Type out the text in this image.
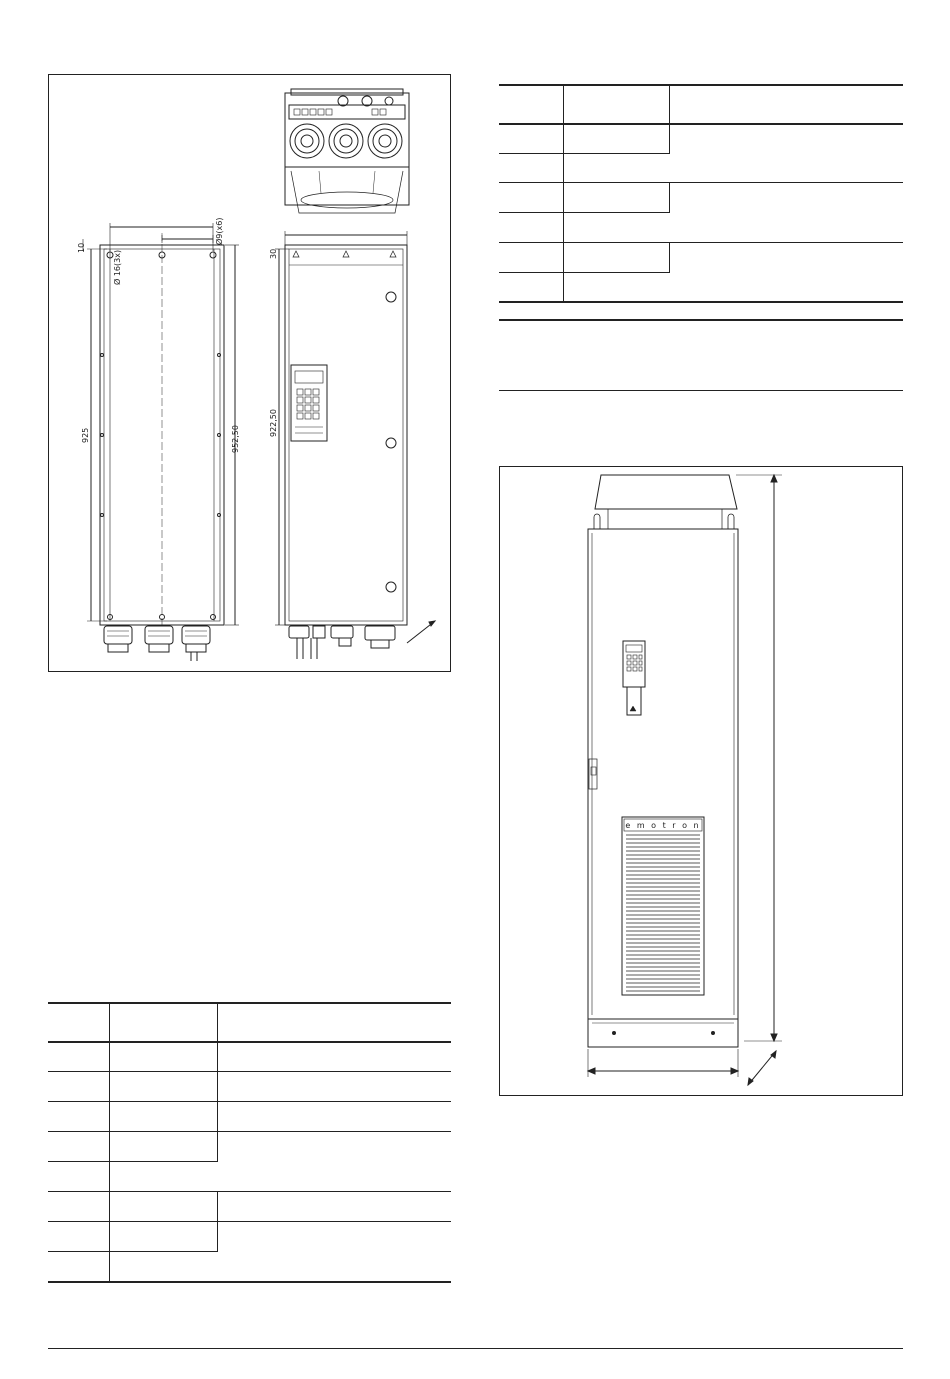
10
Ø 16(3x)
Ø9(x6)
925	952,50
30
922,50

e m o t r o n
